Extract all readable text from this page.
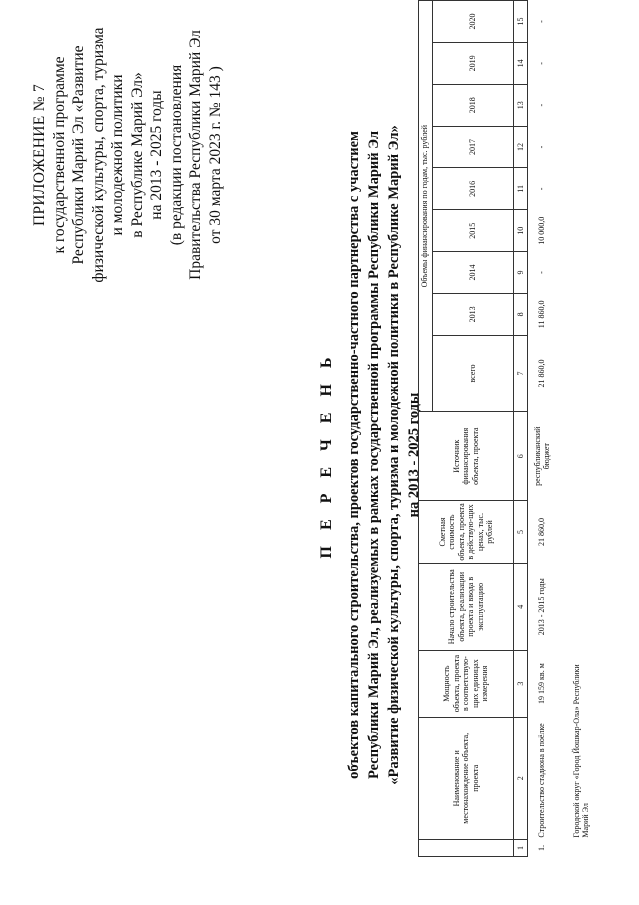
ПРИЛОЖЕНИЕ № 7 к государственной программе Республики Марий Эл «Развитие физической культуры, спорта, туризма и молодежной политики в Республике Марий Эл» на 2013 - 2025 годы (в редакции постановления Правительства Республики Марий Эл от 30 марта 2023 г. № 143 )
П Е Р Е Ч Е Н Ь объектов капитального строительства, проектов государственно-частного партнерства с участием Республики Марий Эл, реализуемых в рамках государственной программы Республики Марий Эл «Развитие физической культуры, спорта, туризма и молодежной политики в Республике Марий Эл» на 2013 - 2025 годы
	Наименование и местонахождение объекта, проекта	Мощность объекта, проекта в соответствую-щих единицах измерения	Начало строительства объекта, реализации проекта и ввода в эксплуатацию	Сметная стоимость объекта, проекта в действую-щих ценах, тыс. рублей	Источник финансирования объекта, проекта	Объемы финансирования по годам, тыс. рублей								
						всего	2013	2014	2015	2016	2017	2018	2019	2020
1	2	3	4	5	6	7	8	9	10	11	12	13	14	15
1.	Строительство стадиона в поёлке	19 159 кв. м	2013 - 2015 годы	21 860,0	республиканский бюджет	21 860,0	11 860,0	-	10 000,0	-	-	-	-	-
	Городской округ «Город Йошкар-Ола» Республики Марий Эл													
